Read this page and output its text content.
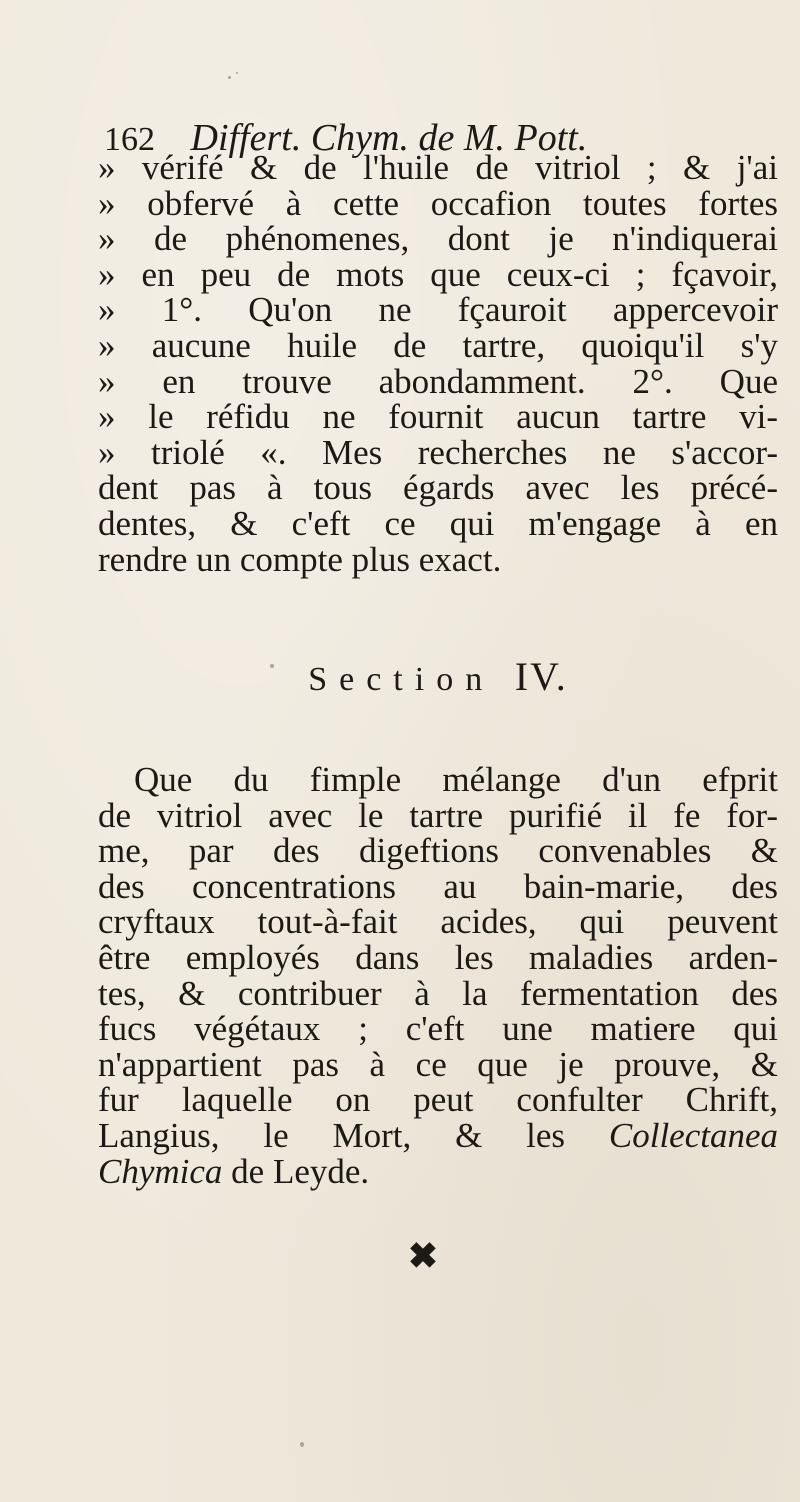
162 Differt. Chym. de M. Pott.
» vérifé & de l'huile de vitriol ; & j'ai
» obfervé à cette occafion toutes fortes
» de phénomenes, dont je n'indiquerai
» en peu de mots que ceux-ci ; fçavoir,
» 1°. Qu'on ne fçauroit appercevoir
» aucune huile de tartre, quoiqu'il s'y
» en trouve abondamment. 2°. Que
» le réfidu ne fournit aucun tartre vi-
» triolé «. Mes recherches ne s'accor-
dent pas à tous égards avec les précé-
dentes, & c'eft ce qui m'engage à en
rendre un compte plus exact.
Section IV.
Que du fimple mélange d'un efprit
de vitriol avec le tartre purifié il fe for-
me, par des digeftions convenables &
des concentrations au bain-marie, des
cryftaux tout-à-fait acides, qui peuvent
être employés dans les maladies arden-
tes, & contribuer à la fermentation des
fucs végétaux ; c'eft une matiere qui
n'appartient pas à ce que je prouve, &
fur laquelle on peut confulter Chrift,
Langius, le Mort, & les Collectanea
Chymica de Leyde.
✖
